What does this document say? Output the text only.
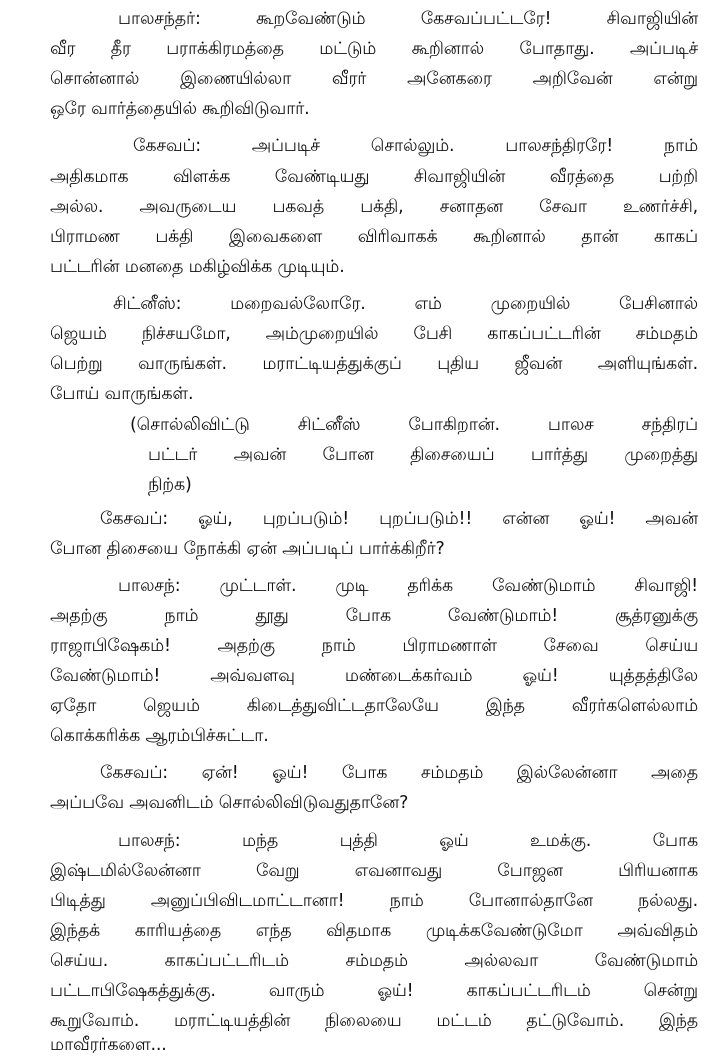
பாலசந்தர்: கூறவேண்டும் கேசவப்பட்டரே! சிவாஜியின்
வீர தீர பராக்கிரமத்தை மட்டும் கூறினால் போதாது. அப்படிச்
சொன்னால் இணையில்லா வீரர் அனேகரை அறிவேன் என்று
ஒரே வார்த்தையில் கூறிவிடுவார்.
கேசவப்: அப்படிச் சொல்லும். பாலசந்திரரே! நாம்
அதிகமாக விளக்க வேண்டியது சிவாஜியின் வீரத்தை பற்றி
அல்ல. அவருடைய பகவத் பக்தி, சனாதன சேவா உணர்ச்சி,
பிராமண பக்தி இவைகளை விரிவாகக் கூறினால் தான் காகப்
பட்டரின் மனதை மகிழ்விக்க முடியும்.
சிட்னீஸ்: மறைவல்லோரே. எம் முறையில் பேசினால்
ஜெயம் நிச்சயமோ, அம்முறையில் பேசி காகப்பட்டரின் சம்மதம்
பெற்று வாருங்கள். மராட்டியத்துக்குப் புதிய ஜீவன் அளியுங்கள்.
போய் வாருங்கள்.
(சொல்லிவிட்டு சிட்னீஸ் போகிறான். பாலச சந்திரப்
பட்டர் அவன் போன திசையைப் பார்த்து முறைத்து
நிற்க)
கேசவப்: ஓய், புறப்படும்! புறப்படும்!! என்ன ஓய்! அவன்
போன திசையை நோக்கி ஏன் அப்படிப் பார்க்கிறீர்?
பாலசந்: முட்டாள். முடி தரிக்க வேண்டுமாம் சிவாஜி!
அதற்கு நாம் தூது போக வேண்டுமாம்! சூத்ரனுக்கு
ராஜாபிஷேகம்! அதற்கு நாம் பிராமணாள் சேவை செய்ய
வேண்டுமாம்! அவ்வளவு மண்டைக்கர்வம் ஓய்! யுத்தத்திலே
ஏதோ ஜெயம் கிடைத்துவிட்டதாலேயே இந்த வீரர்களெல்லாம்
கொக்கரிக்க ஆரம்பிச்சுட்டா.
கேசவப்: ஏன்! ஓய்! போக சம்மதம் இல்லேன்னா அதை
அப்பவே அவனிடம் சொல்லிவிடுவதுதானே?
பாலசந்: மந்த புத்தி ஓய் உமக்கு. போக
இஷ்டமில்லேன்னா வேறு எவனாவது போஜன பிரியனாக
பிடித்து அனுப்பிவிடமாட்டானா! நாம் போனால்தானே நல்லது.
இந்தக் காரியத்தை எந்த விதமாக முடிக்கவேண்டுமோ அவ்விதம்
செய்ய. காகப்பட்டரிடம் சம்மதம் அல்லவா வேண்டுமாம்
பட்டாபிஷேகத்துக்கு. வாரும் ஓய்! காகப்பட்டரிடம் சென்று
கூறுவோம். மராட்டியத்தின் நிலையை மட்டம் தட்டுவோம். இந்த
மாவீரர்களை...
